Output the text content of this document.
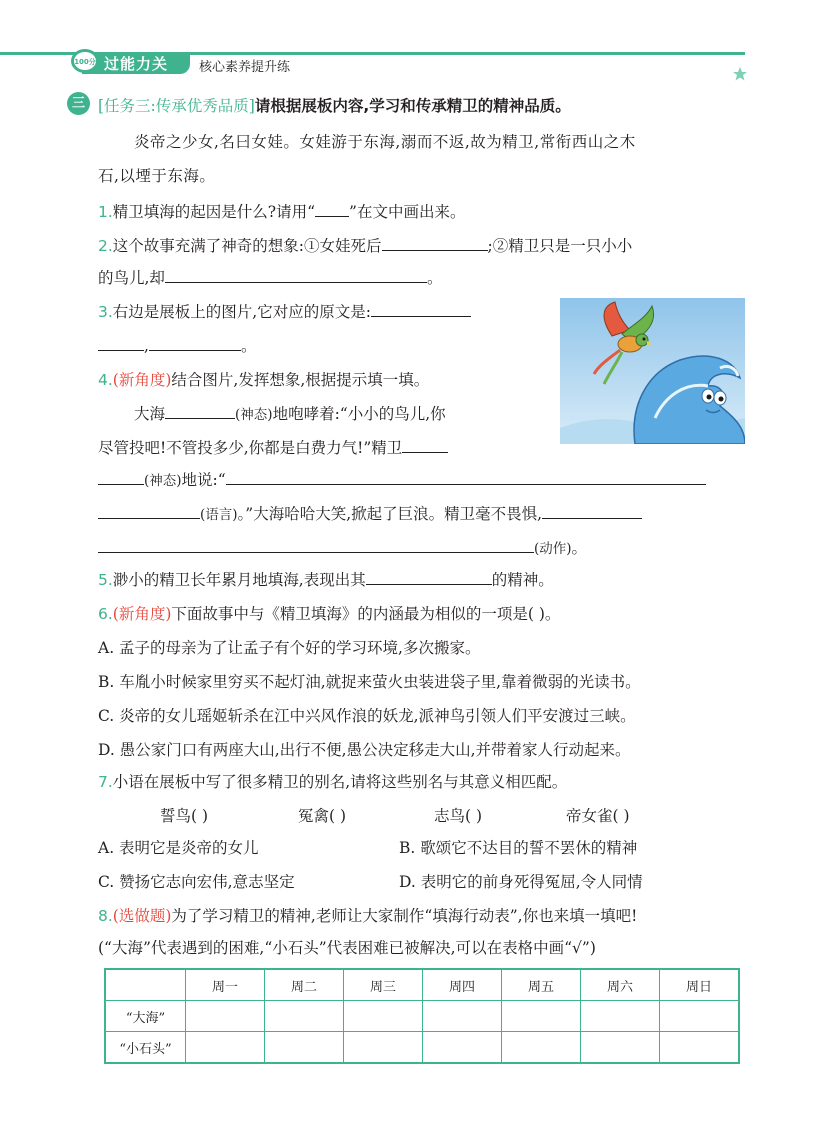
100分 过能力关 核心素养提升练
三 [任务三:传承优秀品质]请根据展板内容,学习和传承精卫的精神品质。
炎帝之少女,名曰女娃。女娃游于东海,溺而不返,故为精卫,常衔西山之木
石,以堙于东海。
1.精卫填海的起因是什么?请用“ ”在文中画出来。
2.这个故事充满了神奇的想象:①女娃死后	;②精卫只是一只小小
的鸟儿,却	。
3.右边是展板上的图片,它对应的原文是:
,	。
4.(新角度)结合图片,发挥想象,根据提示填一填。
大海	(神态)地咆哮着:“小小的鸟儿,你
尽管投吧!不管投多少,你都是白费力气!”精卫
(神态)地说:“
(语言)。”大海哈哈大笑,掀起了巨浪。精卫毫不畏惧,
(动作)。
5.渺小的精卫长年累月地填海,表现出其	的精神。
6.(新角度)下面故事中与《精卫填海》的内涵最为相似的一项是( )。
A. 孟子的母亲为了让孟子有个好的学习环境,多次搬家。
B. 车胤小时候家里穷买不起灯油,就捉来萤火虫装进袋子里,靠着微弱的光读书。
C. 炎帝的女儿瑶姬斩杀在江中兴风作浪的妖龙,派神鸟引领人们平安渡过三峡。
D. 愚公家门口有两座大山,出行不便,愚公决定移走大山,并带着家人行动起来。
7.小语在展板中写了很多精卫的别名,请将这些别名与其意义相匹配。
誓鸟( )	冤禽( )	志鸟( )	帝女雀( )
A. 表明它是炎帝的女儿	B. 歌颂它不达目的誓不罢休的精神
C. 赞扬它志向宏伟,意志坚定	D. 表明它的前身死得冤屈,令人同情
8.(选做题)为了学习精卫的精神,老师让大家制作“填海行动表”,你也来填一填吧!
(“大海”代表遇到的困难,“小石头”代表困难已被解决,可以在表格中画“√”)
	周一	周二	周三	周四	周五	周六	周日
“大海”							
“小石头”							
